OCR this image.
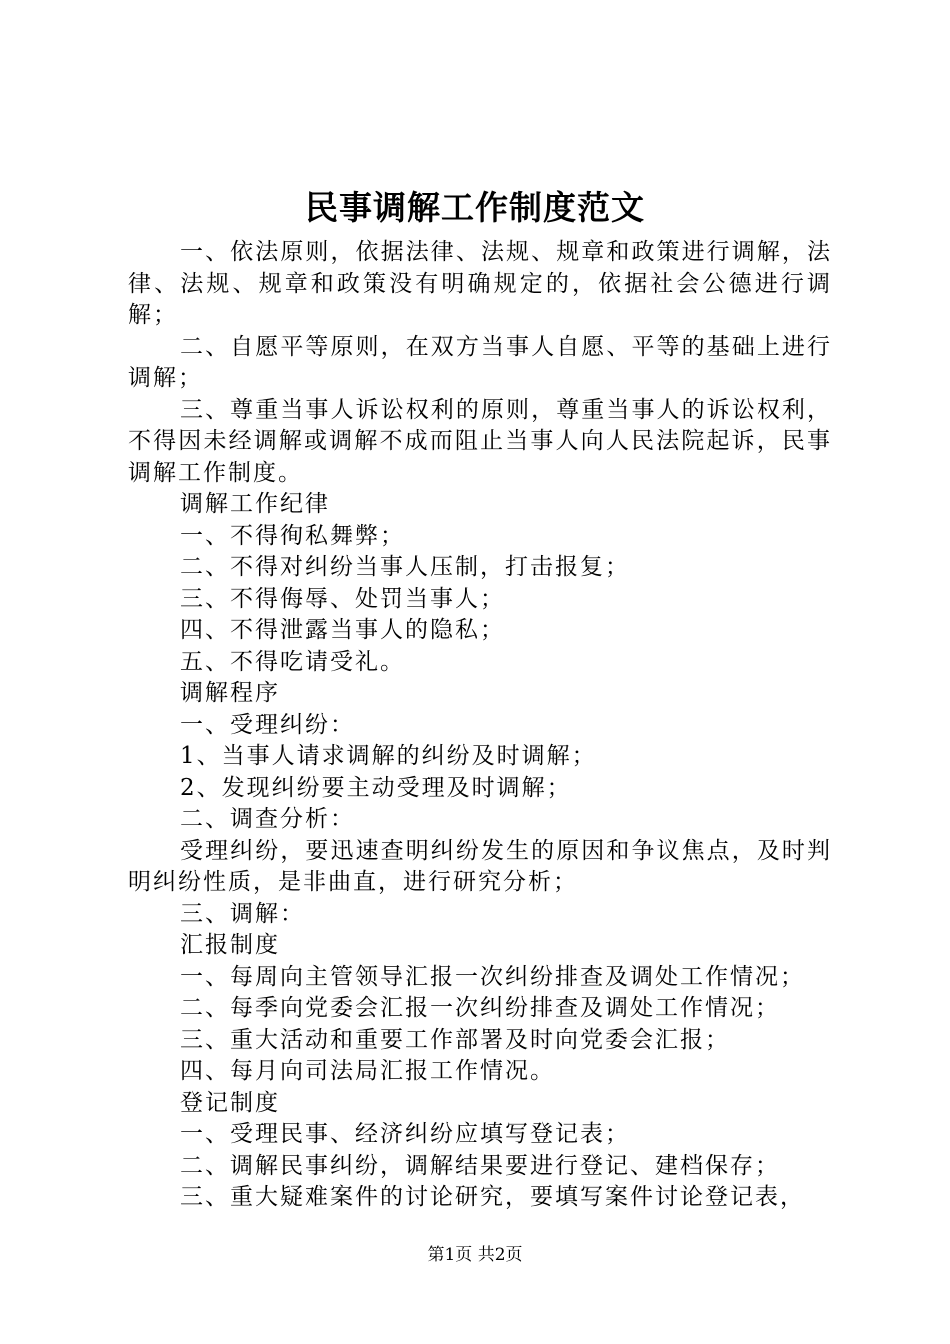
民事调解工作制度范文

一、依法原则，依据法律、法规、规章和政策进行调解，法律、法规、规章和政策没有明确规定的，依据社会公德进行调解；

二、自愿平等原则，在双方当事人自愿、平等的基础上进行调解；

三、尊重当事人诉讼权利的原则，尊重当事人的诉讼权利，不得因未经调解或调解不成而阻止当事人向人民法院起诉，民事调解工作制度。

调解工作纪律

一、不得徇私舞弊；

二、不得对纠纷当事人压制，打击报复；

三、不得侮辱、处罚当事人；

四、不得泄露当事人的隐私；

五、不得吃请受礼。

调解程序

一、受理纠纷：

1、当事人请求调解的纠纷及时调解；

2、发现纠纷要主动受理及时调解；

二、调查分析：

受理纠纷，要迅速查明纠纷发生的原因和争议焦点，及时判明纠纷性质，是非曲直，进行研究分析；

三、调解：

汇报制度

一、每周向主管领导汇报一次纠纷排查及调处工作情况；

二、每季向党委会汇报一次纠纷排查及调处工作情况；

三、重大活动和重要工作部署及时向党委会汇报；

四、每月向司法局汇报工作情况。

登记制度

一、受理民事、经济纠纷应填写登记表；

二、调解民事纠纷，调解结果要进行登记、建档保存；

三、重大疑难案件的讨论研究，要填写案件讨论登记表，

第1页 共2页
